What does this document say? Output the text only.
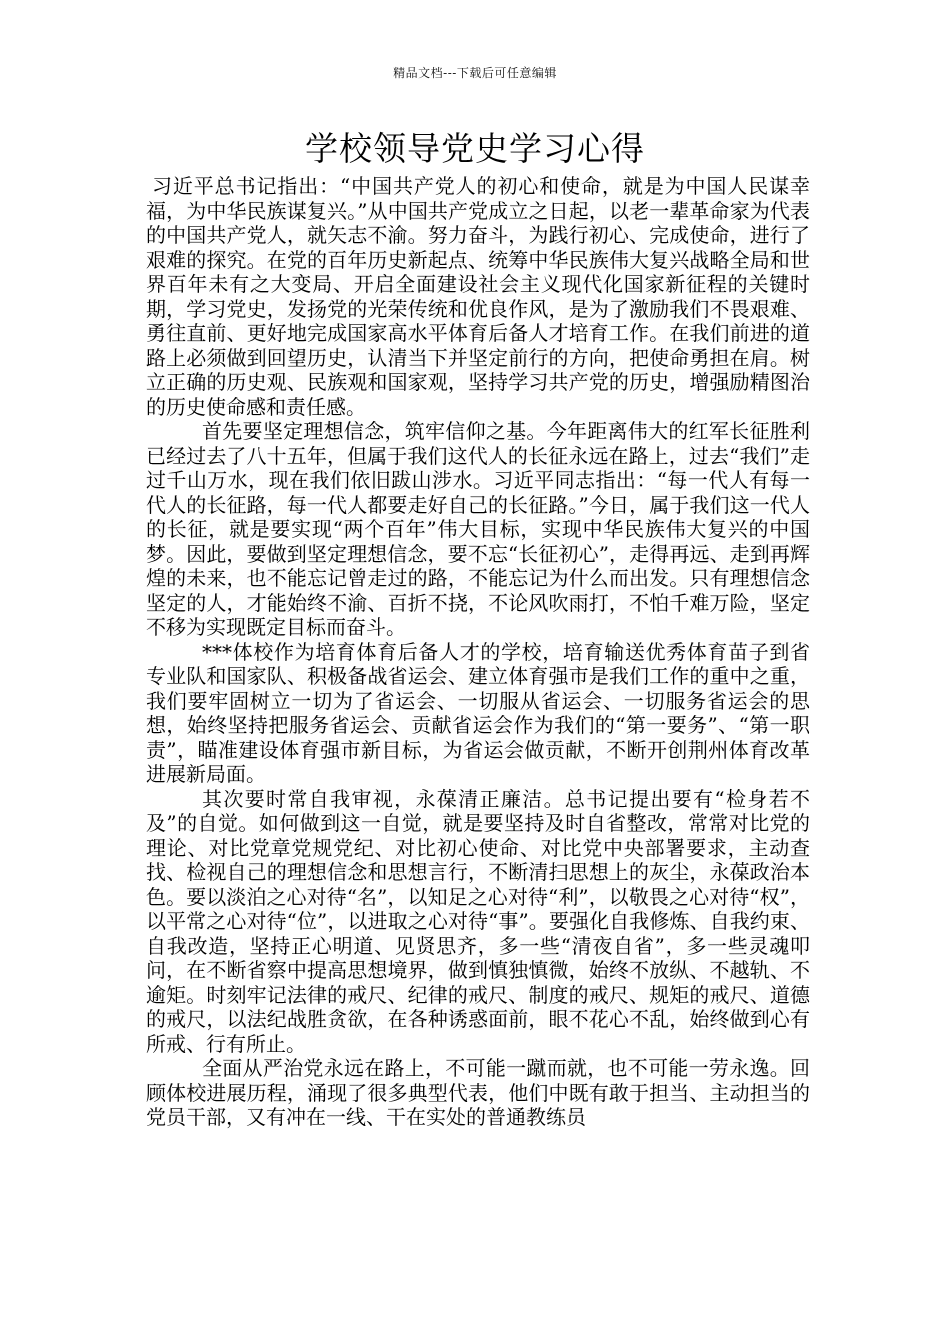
精品文档---下载后可任意编辑
学校领导党史学习心得

习近平总书记指出：“中国共产党人的初心和使命，就是为中国人民谋幸福，为中华民族谋复兴。”从中国共产党成立之日起，以老一辈革命家为代表的中国共产党人，就矢志不渝。努力奋斗，为践行初心、完成使命，进行了艰难的探究。在党的百年历史新起点、统筹中华民族伟大复兴战略全局和世界百年未有之大变局、开启全面建设社会主义现代化国家新征程的关键时期，学习党史，发扬党的光荣传统和优良作风，是为了激励我们不畏艰难、勇往直前、更好地完成国家高水平体育后备人才培育工作。在我们前进的道路上必须做到回望历史，认清当下并坚定前行的方向，把使命勇担在肩。树立正确的历史观、民族观和国家观，坚持学习共产党的历史，增强励精图治的历史使命感和责任感。

首先要坚定理想信念，筑牢信仰之基。今年距离伟大的红军长征胜利已经过去了八十五年，但属于我们这代人的长征永远在路上，过去“我们”走过千山万水，现在我们依旧跋山涉水。习近平同志指出：“每一代人有每一代人的长征路，每一代人都要走好自己的长征路。”今日，属于我们这一代人的长征，就是要实现“两个百年”伟大目标，实现中华民族伟大复兴的中国梦。因此，要做到坚定理想信念，要不忘“长征初心”，走得再远、走到再辉煌的未来，也不能忘记曾走过的路，不能忘记为什么而出发。只有理想信念坚定的人，才能始终不渝、百折不挠，不论风吹雨打，不怕千难万险，坚定不移为实现既定目标而奋斗。

***体校作为培育体育后备人才的学校，培育输送优秀体育苗子到省专业队和国家队、积极备战省运会、建立体育强市是我们工作的重中之重，我们要牢固树立一切为了省运会、一切服从省运会、一切服务省运会的思想，始终坚持把服务省运会、贡献省运会作为我们的“第一要务”、“第一职责”，瞄准建设体育强市新目标，为省运会做贡献，不断开创荆州体育改革进展新局面。

其次要时常自我审视，永葆清正廉洁。总书记提出要有“检身若不及”的自觉。如何做到这一自觉，就是要坚持及时自省整改，常常对比党的理论、对比党章党规党纪、对比初心使命、对比党中央部署要求，主动查找、检视自己的理想信念和思想言行，不断清扫思想上的灰尘，永葆政治本色。要以淡泊之心对待“名”，以知足之心对待“利”，以敬畏之心对待“权”，以平常之心对待“位”，以进取之心对待“事”。要强化自我修炼、自我约束、自我改造，坚持正心明道、见贤思齐，多一些“清夜自省”，多一些灵魂叩问，在不断省察中提高思想境界，做到慎独慎微，始终不放纵、不越轨、不逾矩。时刻牢记法律的戒尺、纪律的戒尺、制度的戒尺、规矩的戒尺、道德的戒尺，以法纪战胜贪欲，在各种诱惑面前，眼不花心不乱，始终做到心有所戒、行有所止。

全面从严治党永远在路上，不可能一蹴而就，也不可能一劳永逸。回顾体校进展历程，涌现了很多典型代表，他们中既有敢于担当、主动担当的党员干部，又有冲在一线、干在实处的普通教练员
